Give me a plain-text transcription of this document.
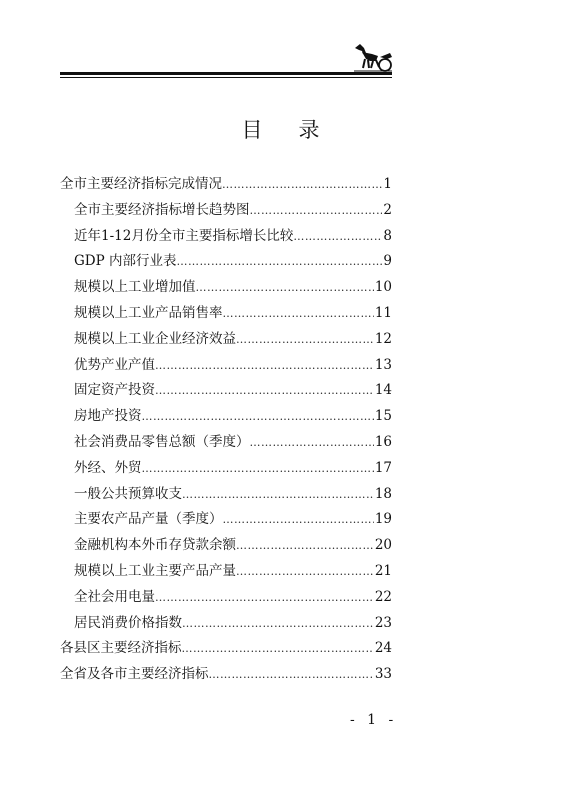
目录
全市主要经济指标完成情况 ……………………………………………………………………………………………………………………………………………	1
全市主要经济指标增长趋势图 ……………………………………………………………………………………………………………………………………………	2
近年1-12月份全市主要指标增长比较 ……………………………………………………………………………………………………………………………………………	8
GDP 内部行业表 ……………………………………………………………………………………………………………………………………………	9
规模以上工业增加值 ……………………………………………………………………………………………………………………………………………	10
规模以上工业产品销售率 ……………………………………………………………………………………………………………………………………………	11
规模以上工业企业经济效益 ……………………………………………………………………………………………………………………………………………	12
优势产业产值 ……………………………………………………………………………………………………………………………………………	13
固定资产投资 ……………………………………………………………………………………………………………………………………………	14
房地产投资 ……………………………………………………………………………………………………………………………………………	15
社会消费品零售总额（季度） ……………………………………………………………………………………………………………………………………………	16
外经、外贸 ……………………………………………………………………………………………………………………………………………	17
一般公共预算收支 ……………………………………………………………………………………………………………………………………………	18
主要农产品产量（季度） ……………………………………………………………………………………………………………………………………………	19
金融机构本外币存贷款余额 ……………………………………………………………………………………………………………………………………………	20
规模以上工业主要产品产量 ……………………………………………………………………………………………………………………………………………	21
全社会用电量 ……………………………………………………………………………………………………………………………………………	22
居民消费价格指数 ……………………………………………………………………………………………………………………………………………	23
各县区主要经济指标 ……………………………………………………………………………………………………………………………………………	24
全省及各市主要经济指标 ……………………………………………………………………………………………………………………………………………	33
- 1 -
